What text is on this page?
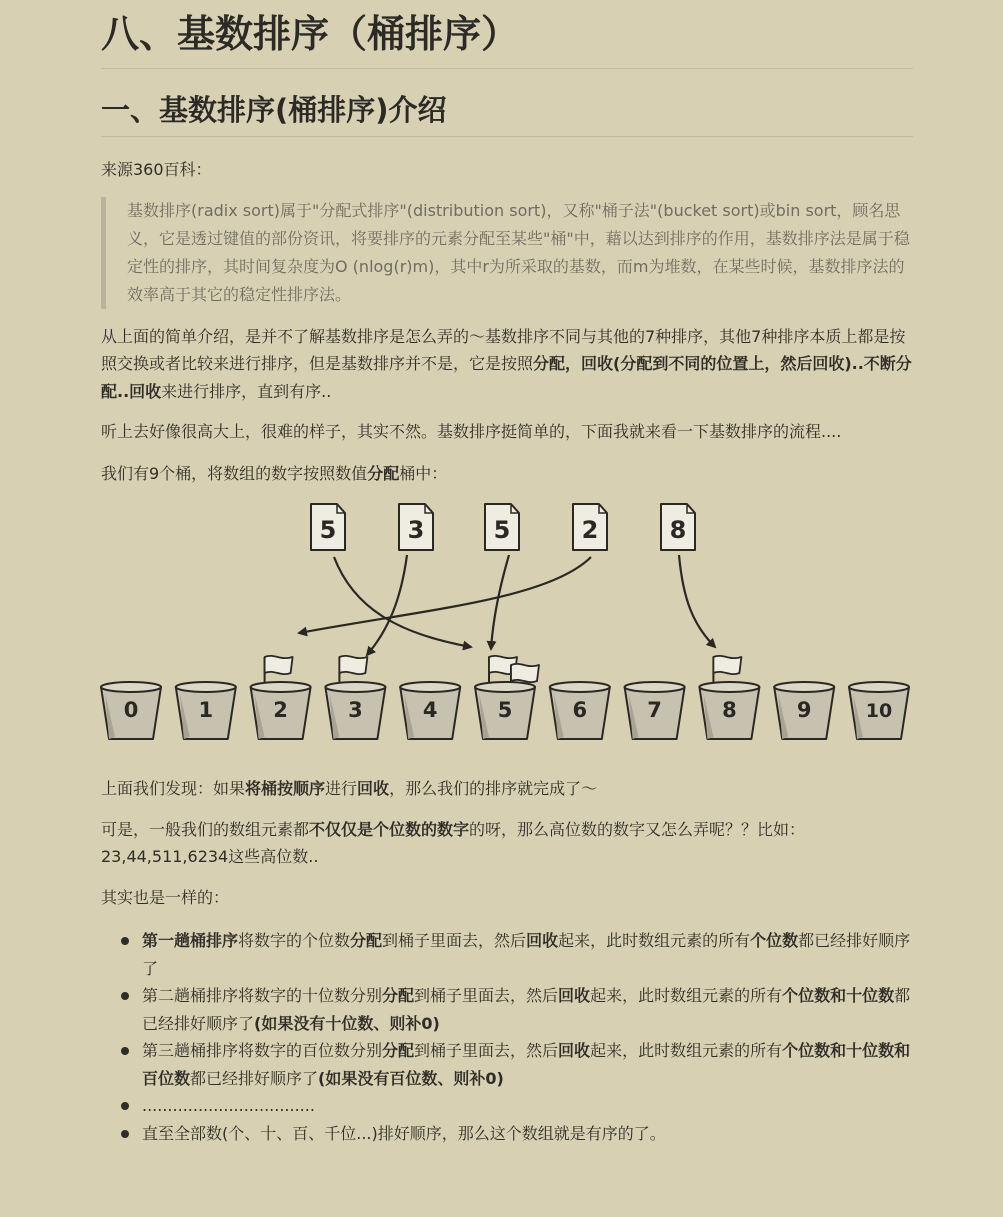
八、基数排序（桶排序）
一、基数排序(桶排序)介绍

来源360百科：

基数排序(radix sort)属于"分配式排序"(distribution sort)，又称"桶子法"(bucket sort)或bin sort，顾名思义，它是透过键值的部份资讯，将要排序的元素分配至某些"桶"中，藉以达到排序的作用，基数排序法是属于稳定性的排序，其时间复杂度为O (nlog(r)m)，其中r为所采取的基数，而m为堆数，在某些时候，基数排序法的效率高于其它的稳定性排序法。

从上面的简单介绍，是并不了解基数排序是怎么弄的～基数排序不同与其他的7种排序，其他7种排序本质上都是按照交换或者比较来进行排序，但是基数排序并不是，它是按照分配，回收(分配到不同的位置上，然后回收)..不断分配..回收来进行排序，直到有序..

听上去好像很高大上，很难的样子，其实不然。基数排序挺简单的，下面我就来看一下基数排序的流程....

我们有9个桶，将数组的数字按照数值分配桶中：

5	3	5	2	8
0	1	2	3	4	5	6	7	8	9	10

上面我们发现：如果将桶按顺序进行回收，那么我们的排序就完成了～

可是，一般我们的数组元素都不仅仅是个位数的数字的呀，那么高位数的数字又怎么弄呢？？比如：23,44,511,6234这些高位数..

其实也是一样的：

第一趟桶排序将数字的个位数分配到桶子里面去，然后回收起来，此时数组元素的所有个位数都已经排好顺序了
第二趟桶排序将数字的十位数分别分配到桶子里面去，然后回收起来，此时数组元素的所有个位数和十位数都已经排好顺序了(如果没有十位数、则补0)
第三趟桶排序将数字的百位数分别分配到桶子里面去，然后回收起来，此时数组元素的所有个位数和十位数和百位数都已经排好顺序了(如果没有百位数、则补0)
..................................
直至全部数(个、十、百、千位...)排好顺序，那么这个数组就是有序的了。
